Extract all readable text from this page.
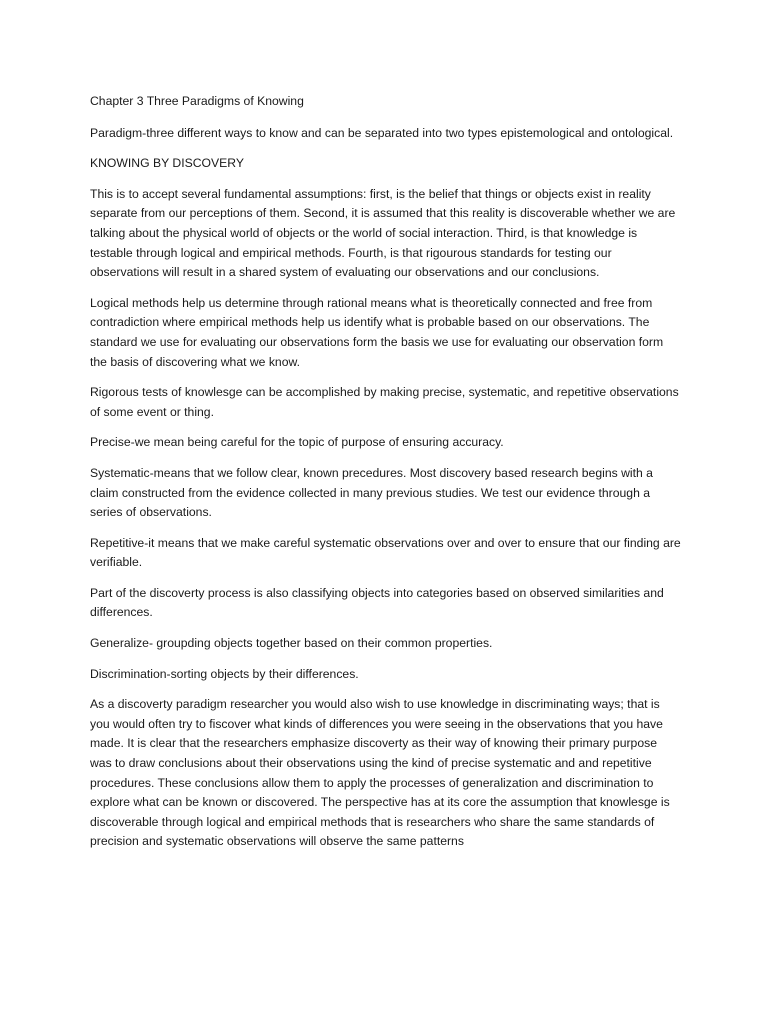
Chapter 3 Three Paradigms of Knowing

Paradigm-three different ways to know and can be separated into two types epistemological and ontological.

KNOWING BY DISCOVERY

This is to accept several fundamental assumptions: first, is the belief that things or objects exist in reality separate from our perceptions of them. Second, it is assumed that this reality is discoverable whether we are talking about the physical world of objects or the world of social interaction. Third, is that knowledge is testable through logical and empirical methods. Fourth, is that rigourous standards for testing our observations will result in a shared system of evaluating our observations and our conclusions.

Logical methods help us determine through rational means what is theoretically connected and free from contradiction where empirical methods help us identify what is probable based on our observations. The standard we use for evaluating our observations form the basis we use for evaluating our observation form the basis of discovering what we know.

Rigorous tests of knowlesge can be accomplished by making precise, systematic, and repetitive observations of some event or thing.

Precise-we mean being careful for the topic of purpose of ensuring accuracy.

Systematic-means that we follow clear, known precedures. Most discovery based research begins with a claim constructed from the evidence collected in many previous studies. We test our evidence through a series of observations.

Repetitive-it means that we make careful systematic observations over and over to ensure that our finding are verifiable.

Part of the discoverty process is also classifying objects into categories based on observed similarities and differences.

Generalize- groupding objects together based on their common properties.

Discrimination-sorting objects by their differences.

As a discoverty paradigm researcher you would also wish to use knowledge in discriminating ways; that is you would often try to fiscover what kinds of differences you were seeing in the observations that you have made. It is clear that the researchers emphasize discoverty as their way of knowing their primary purpose was to draw conclusions about their observations using the kind of precise systematic and and repetitive procedures. These conclusions allow them to apply the processes of generalization and discrimination to explore what can be known or discovered. The perspective has at its core the assumption that knowlesge is discoverable through logical and empirical methods that is researchers who share the same standards of precision and systematic observations will observe the same patterns
